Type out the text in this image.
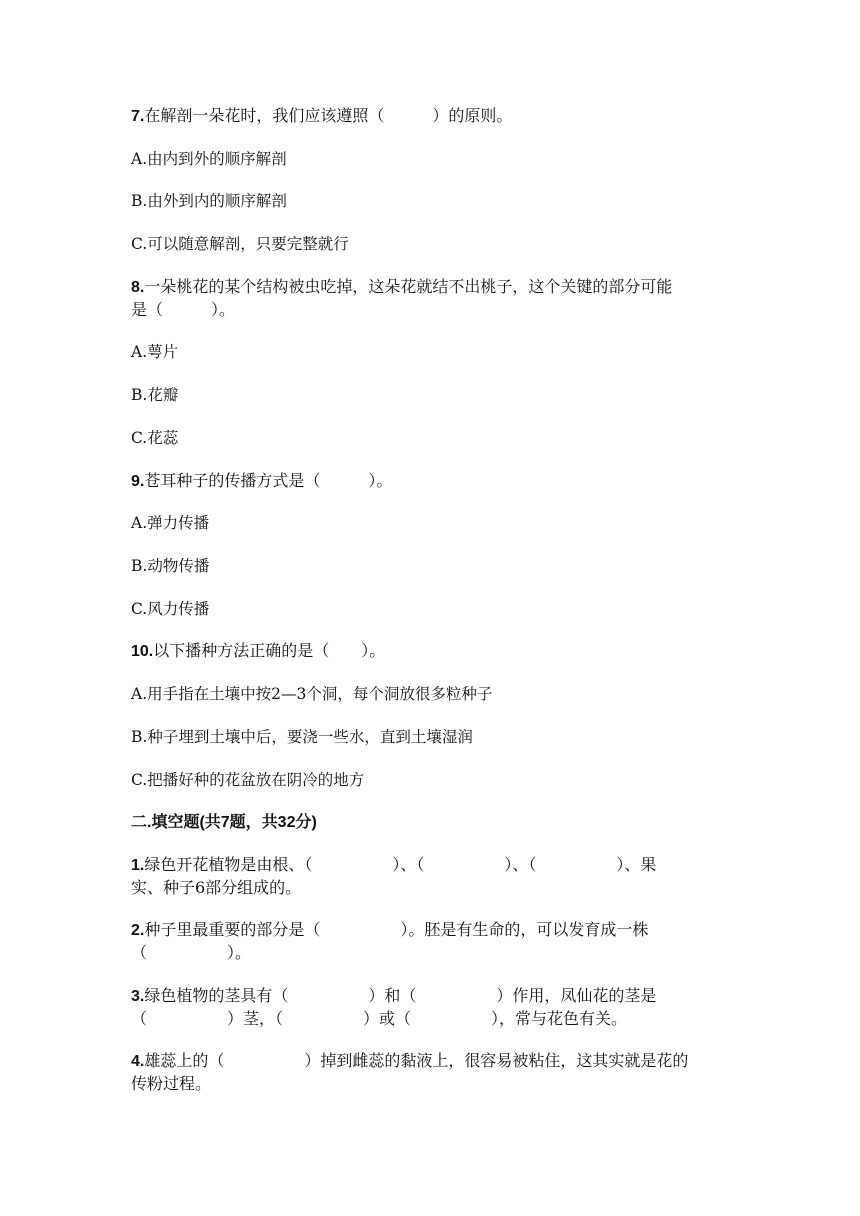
7.在解剖一朵花时，我们应该遵照（　　　）的原则。
A.由内到外的顺序解剖
B.由外到内的顺序解剖
C.可以随意解剖，只要完整就行
8.一朵桃花的某个结构被虫吃掉，这朵花就结不出桃子，这个关键的部分可能
是（　　　）。
A.萼片
B.花瓣
C.花蕊
9.苍耳种子的传播方式是（　　　）。
A.弹力传播
B.动物传播
C.风力传播
10.以下播种方法正确的是（　　）。
A.用手指在土壤中按2—3个洞，每个洞放很多粒种子
B.种子埋到土壤中后，要浇一些水，直到土壤湿润
C.把播好种的花盆放在阴冷的地方
二.填空题(共7题，共32分)
1.绿色开花植物是由根、（　　　　　）、（　　　　　）、（　　　　　）、果
实、种子6部分组成的。
2.种子里最重要的部分是（　　　　　）。胚是有生命的，可以发育成一株
（　　　　　）。
3.绿色植物的茎具有（　　　　　）和（　　　　　）作用，凤仙花的茎是
（　　　　　）茎，（　　　　　）或（　　　　　），常与花色有关。
4.雄蕊上的（　　　　　）掉到雌蕊的黏液上，很容易被粘住，这其实就是花的
传粉过程。
